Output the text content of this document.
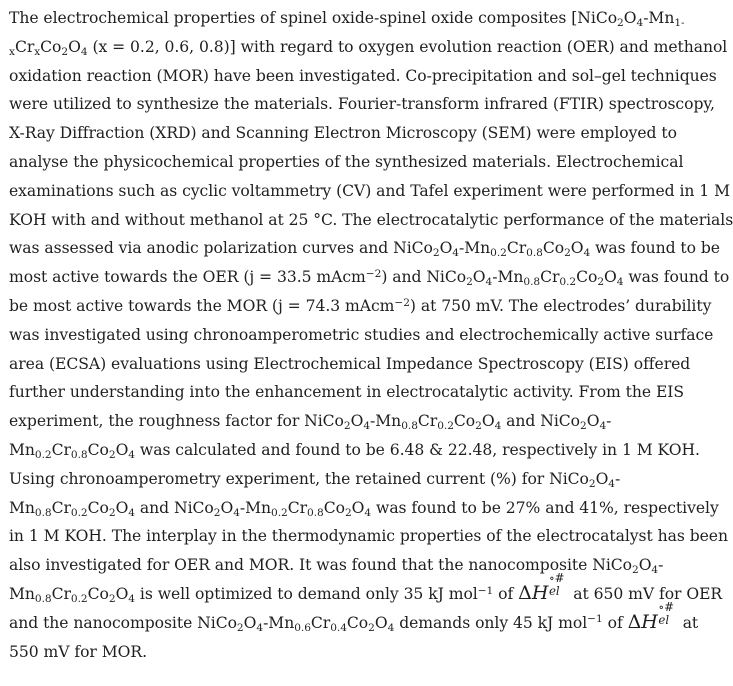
The electrochemical properties of spinel oxide-spinel oxide composites [$NiCo_2O_4-Mn_{1-}$
$_xCr_xCo_2O_4$ (x = 0.2, 0.6, 0.8)] with regard to oxygen evolution reaction (OER) and methanol
oxidation reaction (MOR) have been investigated. Co-precipitation and sol–gel techniques
were utilized to synthesize the materials. Fourier-transform infrared (FTIR) spectroscopy,
X-Ray Diffraction (XRD) and Scanning Electron Microscopy (SEM) were employed to
analyse the physicochemical properties of the synthesized materials. Electrochemical
examinations such as cyclic voltammetry (CV) and Tafel experiment were performed in 1 M
KOH with and without methanol at 25 °C. The electrocatalytic performance of the materials
was assessed via anodic polarization curves and $NiCo_2O_4-Mn_{0.2}Cr_{0.8}Co_2O_4$ was found to be
most active towards the OER (j = 33.5 mAcm$^{-2}$) and $NiCo_2O_4-Mn_{0.8}Cr_{0.2}Co_2O_4$ was found to
be most active towards the MOR (j = 74.3 mAcm$^{-2}$) at 750 mV. The electrodes’ durability
was investigated using chronoamperometric studies and electrochemically active surface
area (ECSA) evaluations using Electrochemical Impedance Spectroscopy (EIS) offered
further understanding into the enhancement in electrocatalytic activity. From the EIS
experiment, the roughness factor for $NiCo_2O_4-Mn_{0.8}Cr_{0.2}Co_2O_4$ and $NiCo_2O_4-$
$Mn_{0.2}Cr_{0.8}Co_2O_4$ was calculated and found to be 6.48 & 22.48, respectively in 1 M KOH.
Using chronoamperometry experiment, the retained current (%) for $NiCo_2O_4-$
$Mn_{0.8}Cr_{0.2}Co_2O_4$ and $NiCo_2O_4-Mn_{0.2}Cr_{0.8}Co_2O_4$ was found to be 27% and 41%, respectively
in 1 M KOH. The interplay in the thermodynamic properties of the electrocatalyst has been
also investigated for OER and MOR. It was found that the nanocomposite $NiCo_2O_4-$
$Mn_{0.8}Cr_{0.2}Co_2O_4$ is well optimized to demand only 35 kJ mol$^{-1}$ of ΔH
∘#
el at 650 mV for OER
and the nanocomposite $NiCo_2O_4-Mn_{0.6}Cr_{0.4}Co_2O_4$ demands only 45 kJ mol$^{-1}$ of ΔH
∘#
el at
550 mV for MOR.
